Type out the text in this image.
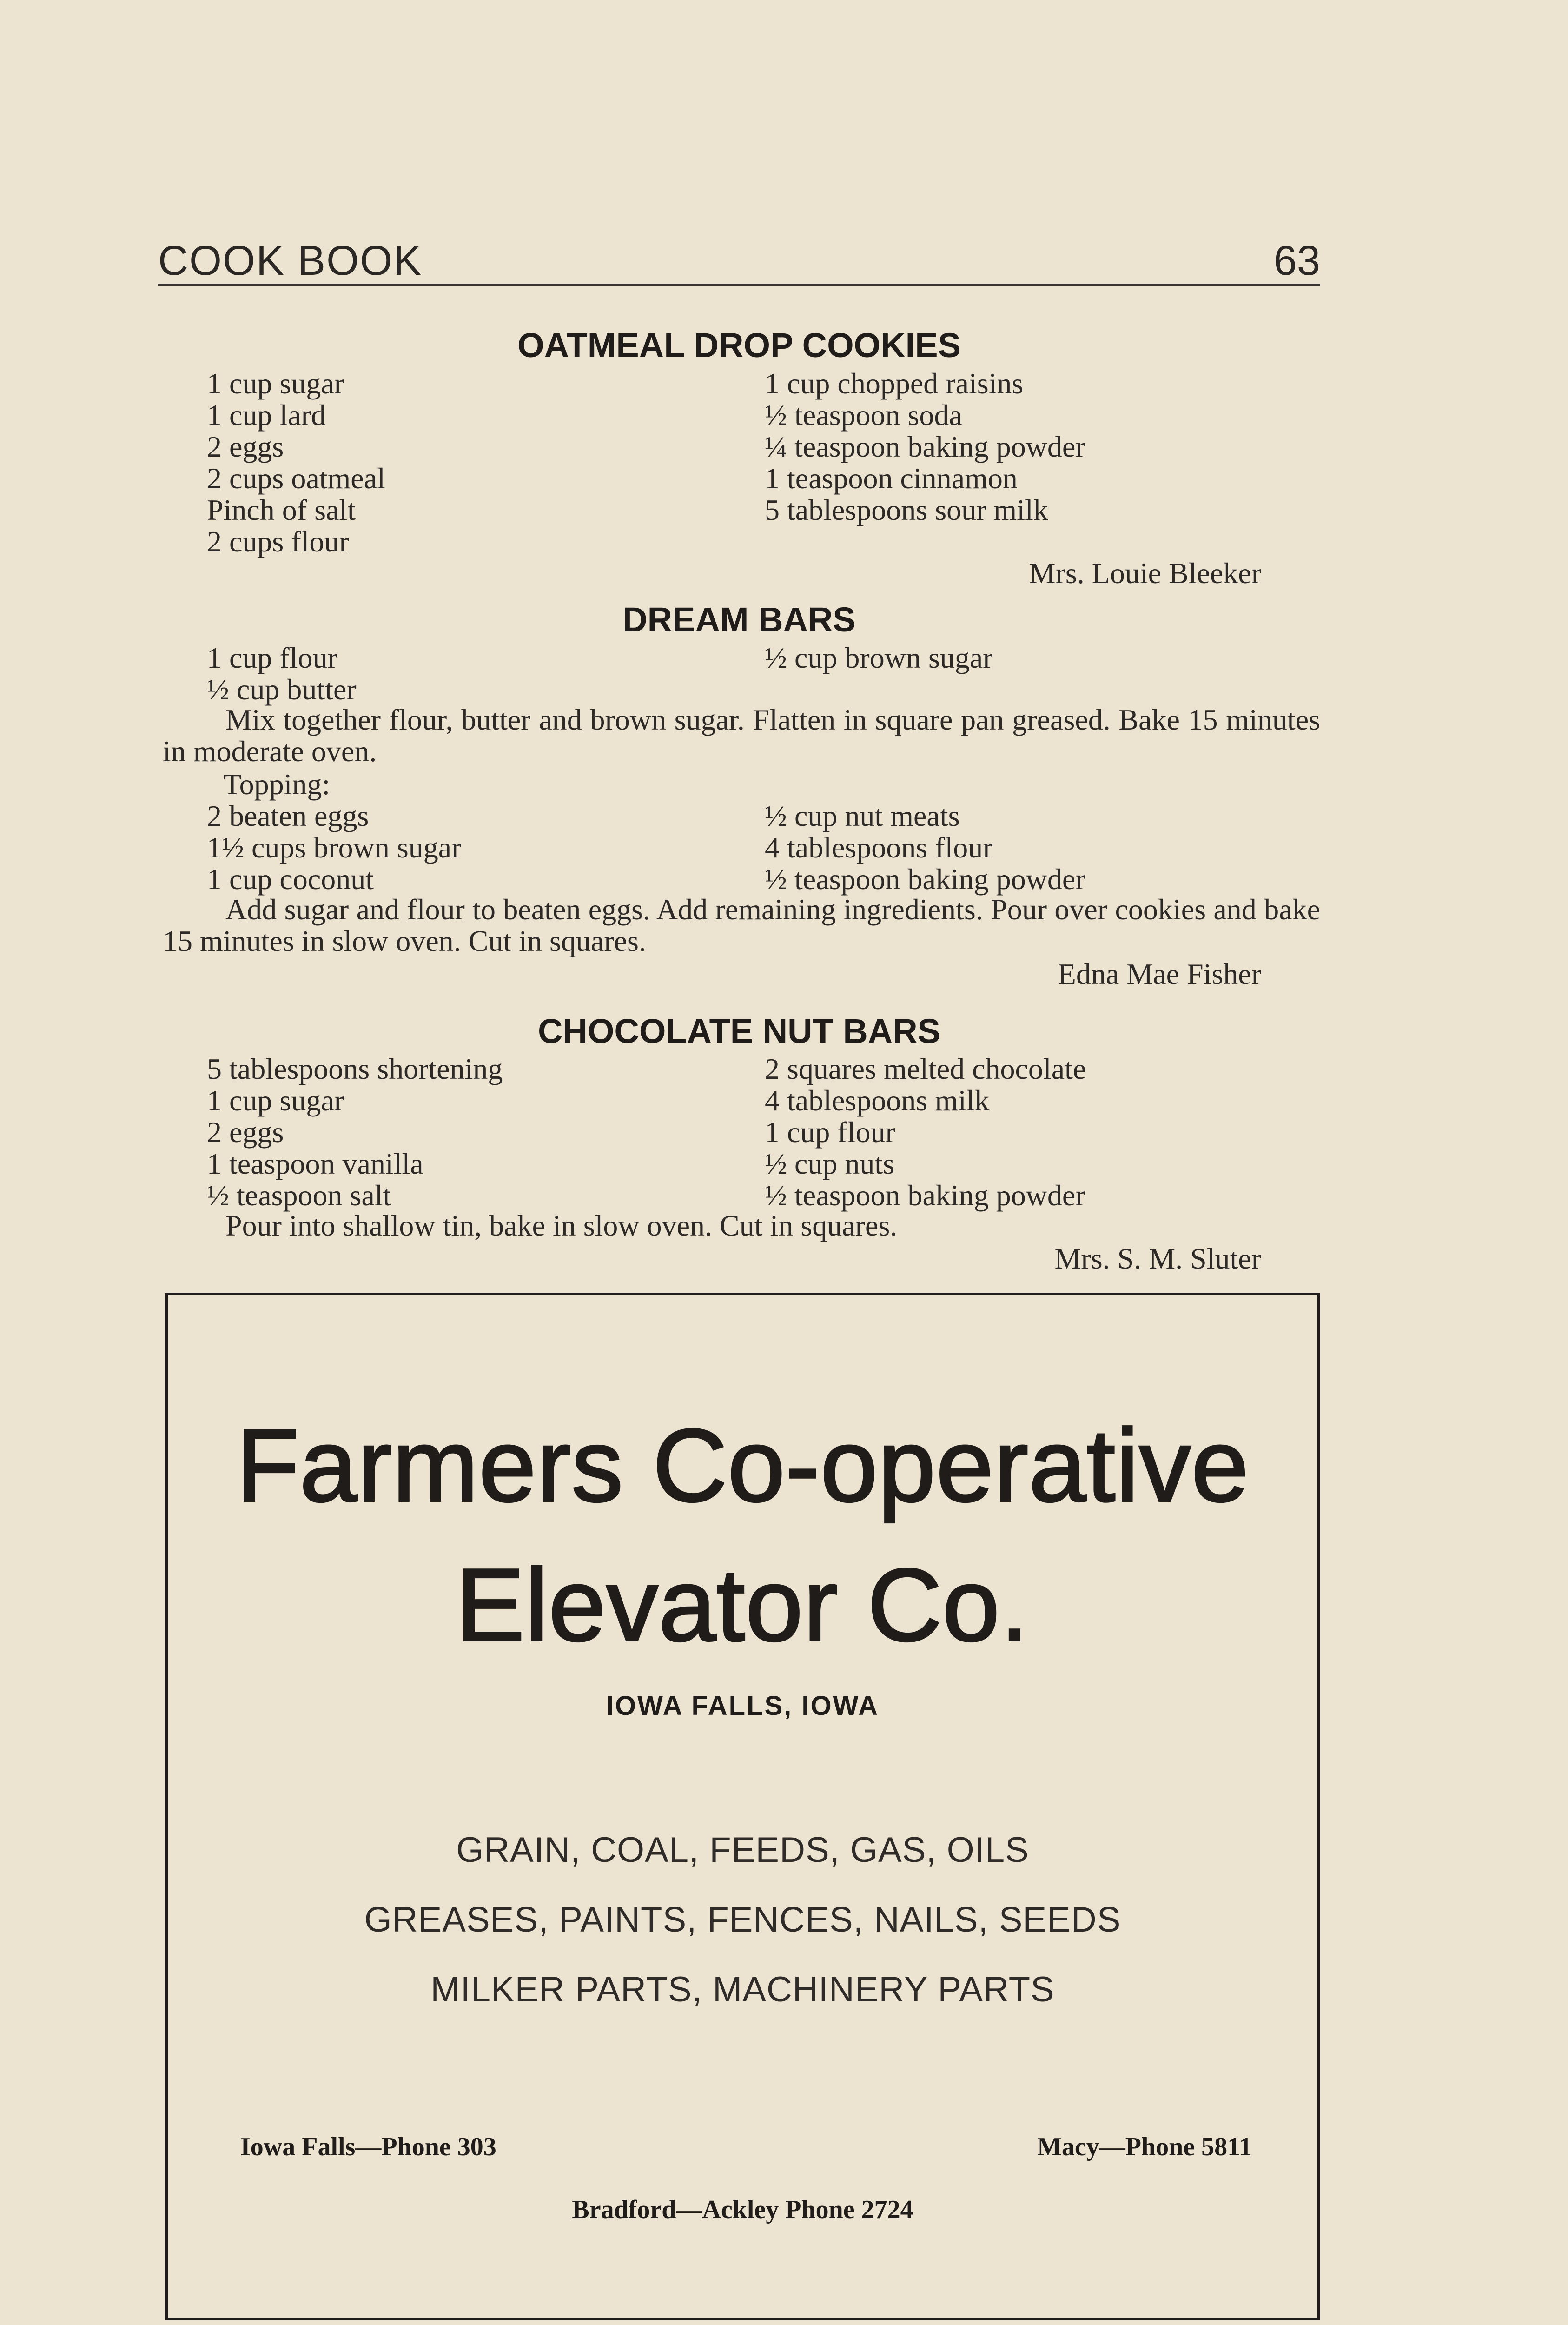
COOK BOOK	63
OATMEAL DROP COOKIES
1 cup sugar
1 cup lard
2 eggs
2 cups oatmeal
Pinch of salt
2 cups flour
1 cup chopped raisins
½ teaspoon soda
¼ teaspoon baking powder
1 teaspoon cinnamon
5 tablespoons sour milk
Mrs. Louie Bleeker
DREAM BARS
1 cup flour
½ cup butter
½ cup brown sugar
Mix together flour, butter and brown sugar. Flatten in square pan greased. Bake 15 minutes in moderate oven.
Topping:
2 beaten eggs
1½ cups brown sugar
1 cup coconut
½ cup nut meats
4 tablespoons flour
½ teaspoon baking powder
Add sugar and flour to beaten eggs. Add remaining ingredients. Pour over cookies and bake 15 minutes in slow oven. Cut in squares.
Edna Mae Fisher
CHOCOLATE NUT BARS
5 tablespoons shortening
1 cup sugar
2 eggs
1 teaspoon vanilla
½ teaspoon salt
2 squares melted chocolate
4 tablespoons milk
1 cup flour
½ cup nuts
½ teaspoon baking powder
Pour into shallow tin, bake in slow oven. Cut in squares.
Mrs. S. M. Sluter
Farmers Co-operative
Elevator Co.
IOWA FALLS, IOWA
GRAIN, COAL, FEEDS, GAS, OILS
GREASES, PAINTS, FENCES, NAILS, SEEDS
MILKER PARTS, MACHINERY PARTS
Iowa Falls—Phone 303	Macy—Phone 5811
Bradford—Ackley Phone 2724
